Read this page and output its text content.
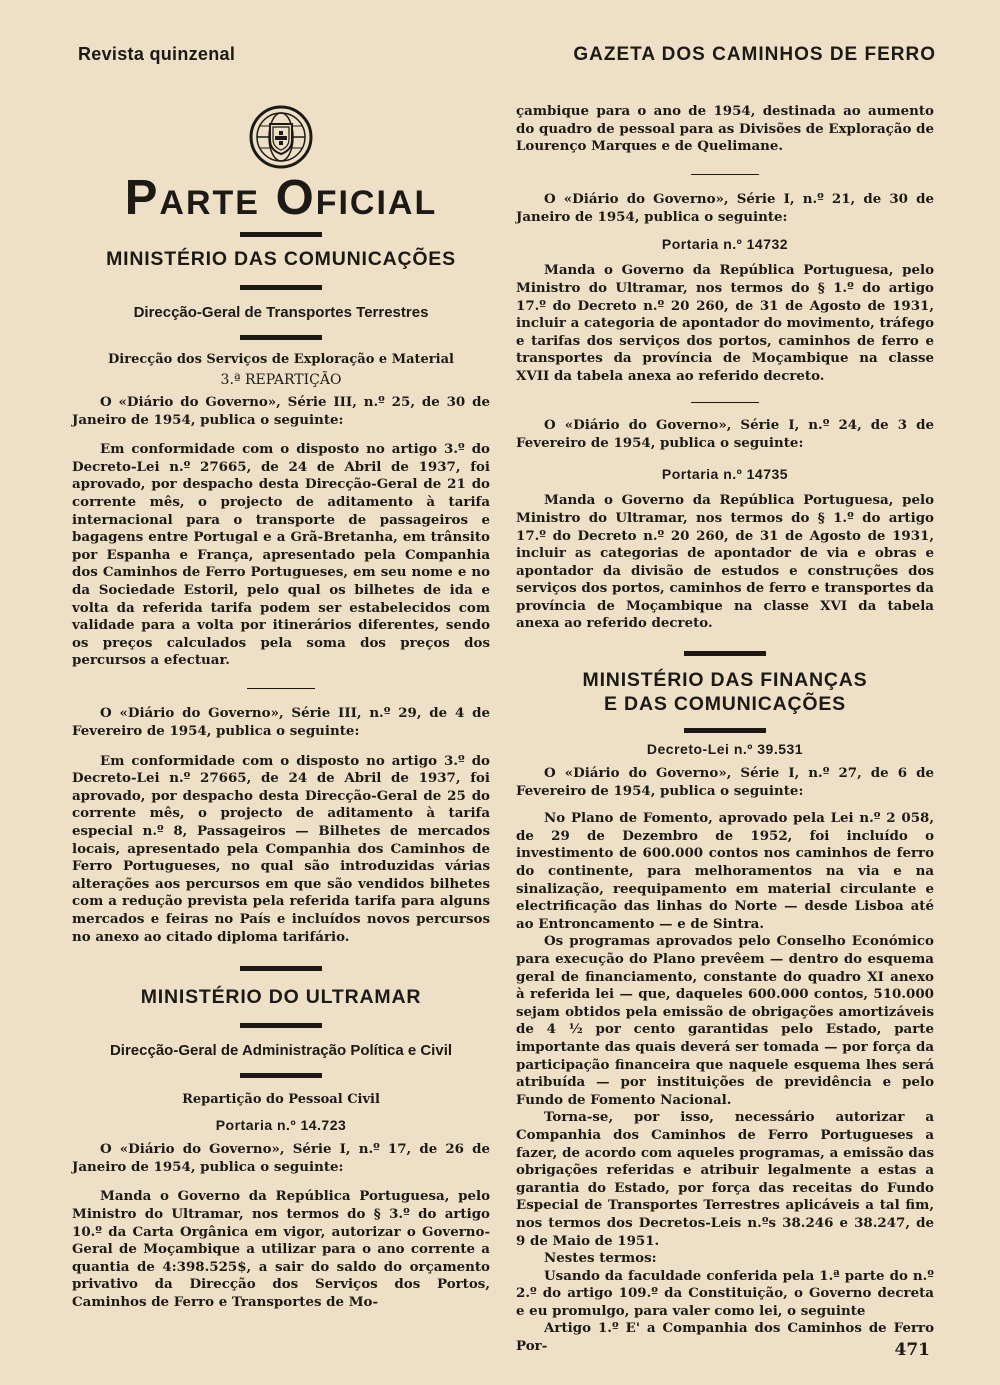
Revista quinzenal	GAZETA DOS CAMINHOS DE FERRO
Parte Oficial
MINISTÉRIO DAS COMUNICAÇÕES
Direcção-Geral de Transportes Terrestres
Direcção dos Serviços de Exploração e Material
3.ª REPARTIÇÃO

O «Diário do Governo», Série III, n.º 25, de 30 de Janeiro de 1954, publica o seguinte:

Em conformidade com o disposto no artigo 3.º do Decreto-Lei n.º 27665, de 24 de Abril de 1937, foi aprovado, por despacho desta Direcção-Geral de 21 do corrente mês, o projecto de aditamento à tarifa internacional para o transporte de passageiros e bagagens entre Portugal e a Grã-Bretanha, em trânsito por Espanha e França, apresentado pela Companhia dos Caminhos de Ferro Portugueses, em seu nome e no da Sociedade Estoril, pelo qual os bilhetes de ida e volta da referida tarifa podem ser estabelecidos com validade para a volta por itinerários diferentes, sendo os preços calculados pela soma dos preços dos percursos a efectuar.

O «Diário do Governo», Série III, n.º 29, de 4 de Fevereiro de 1954, publica o seguinte:

Em conformidade com o disposto no artigo 3.º do Decreto-Lei n.º 27665, de 24 de Abril de 1937, foi aprovado, por despacho desta Direcção-Geral de 25 do corrente mês, o projecto de aditamento à tarifa especial n.º 8, Passageiros — Bilhetes de mercados locais, apresentado pela Companhia dos Caminhos de Ferro Portugueses, no qual são introduzidas várias alterações aos percursos em que são vendidos bilhetes com a redução prevista pela referida tarifa para alguns mercados e feiras no País e incluídos novos percursos no anexo ao citado diploma tarifário.

MINISTÉRIO DO ULTRAMAR
Direcção-Geral de Administração Política e Civil
Repartição do Pessoal Civil
Portaria n.º 14.723

O «Diário do Governo», Série I, n.º 17, de 26 de Janeiro de 1954, publica o seguinte:

Manda o Governo da República Portuguesa, pelo Ministro do Ultramar, nos termos do § 3.º do artigo 10.º da Carta Orgânica em vigor, autorizar o Governo-Geral de Moçambique a utilizar para o ano corrente a quantia de 4:398.525$, a sair do saldo do orçamento privativo da Direcção dos Serviços dos Portos, Caminhos de Ferro e Transportes de Mo-

çambique para o ano de 1954, destinada ao aumento do quadro de pessoal para as Divisões de Exploração de Lourenço Marques e de Quelimane.

O «Diário do Governo», Série I, n.º 21, de 30 de Janeiro de 1954, publica o seguinte:

Portaria n.º 14732

Manda o Governo da República Portuguesa, pelo Ministro do Ultramar, nos termos do § 1.º do artigo 17.º do Decreto n.º 20 260, de 31 de Agosto de 1931, incluir a categoria de apontador do movimento, tráfego e tarifas dos serviços dos portos, caminhos de ferro e transportes da província de Moçambique na classe XVII da tabela anexa ao referido decreto.

O «Diário do Governo», Série I, n.º 24, de 3 de Fevereiro de 1954, publica o seguinte:

Portaria n.º 14735

Manda o Governo da República Portuguesa, pelo Ministro do Ultramar, nos termos do § 1.º do artigo 17.º do Decreto n.º 20 260, de 31 de Agosto de 1931, incluir as categorias de apontador de via e obras e apontador da divisão de estudos e construções dos serviços dos portos, caminhos de ferro e transportes da província de Moçambique na classe XVI da tabela anexa ao referido decreto.

MINISTÉRIO DAS FINANÇAS
E DAS COMUNICAÇÕES
Decreto-Lei n.º 39.531

O «Diário do Governo», Série I, n.º 27, de 6 de Fevereiro de 1954, publica o seguinte:

No Plano de Fomento, aprovado pela Lei n.º 2 058, de 29 de Dezembro de 1952, foi incluído o investimento de 600.000 contos nos caminhos de ferro do continente, para melhoramentos na via e na sinalização, reequipamento em material circulante e electrificação das linhas do Norte — desde Lisboa até ao Entroncamento — e de Sintra.

Os programas aprovados pelo Conselho Económico para execução do Plano prevêem — dentro do esquema geral de financiamento, constante do quadro XI anexo à referida lei — que, daqueles 600.000 contos, 510.000 sejam obtidos pela emissão de obrigações amortizáveis de 4 ½ por cento garantidas pelo Estado, parte importante das quais deverá ser tomada — por força da participação financeira que naquele esquema lhes será atribuída — por instituições de previdência e pelo Fundo de Fomento Nacional.

Torna-se, por isso, necessário autorizar a Companhia dos Caminhos de Ferro Portugueses a fazer, de acordo com aqueles programas, a emissão das obrigações referidas e atribuir legalmente a estas a garantia do Estado, por força das receitas do Fundo Especial de Transportes Terrestres aplicáveis a tal fim, nos termos dos Decretos-Leis n.ºs 38.246 e 38.247, de 9 de Maio de 1951.

Nestes termos:

Usando da faculdade conferida pela 1.ª parte do n.º 2.º do artigo 109.º da Constituição, o Governo decreta e eu promulgo, para valer como lei, o seguinte

Artigo 1.º E' a Companhia dos Caminhos de Ferro Por-	471
